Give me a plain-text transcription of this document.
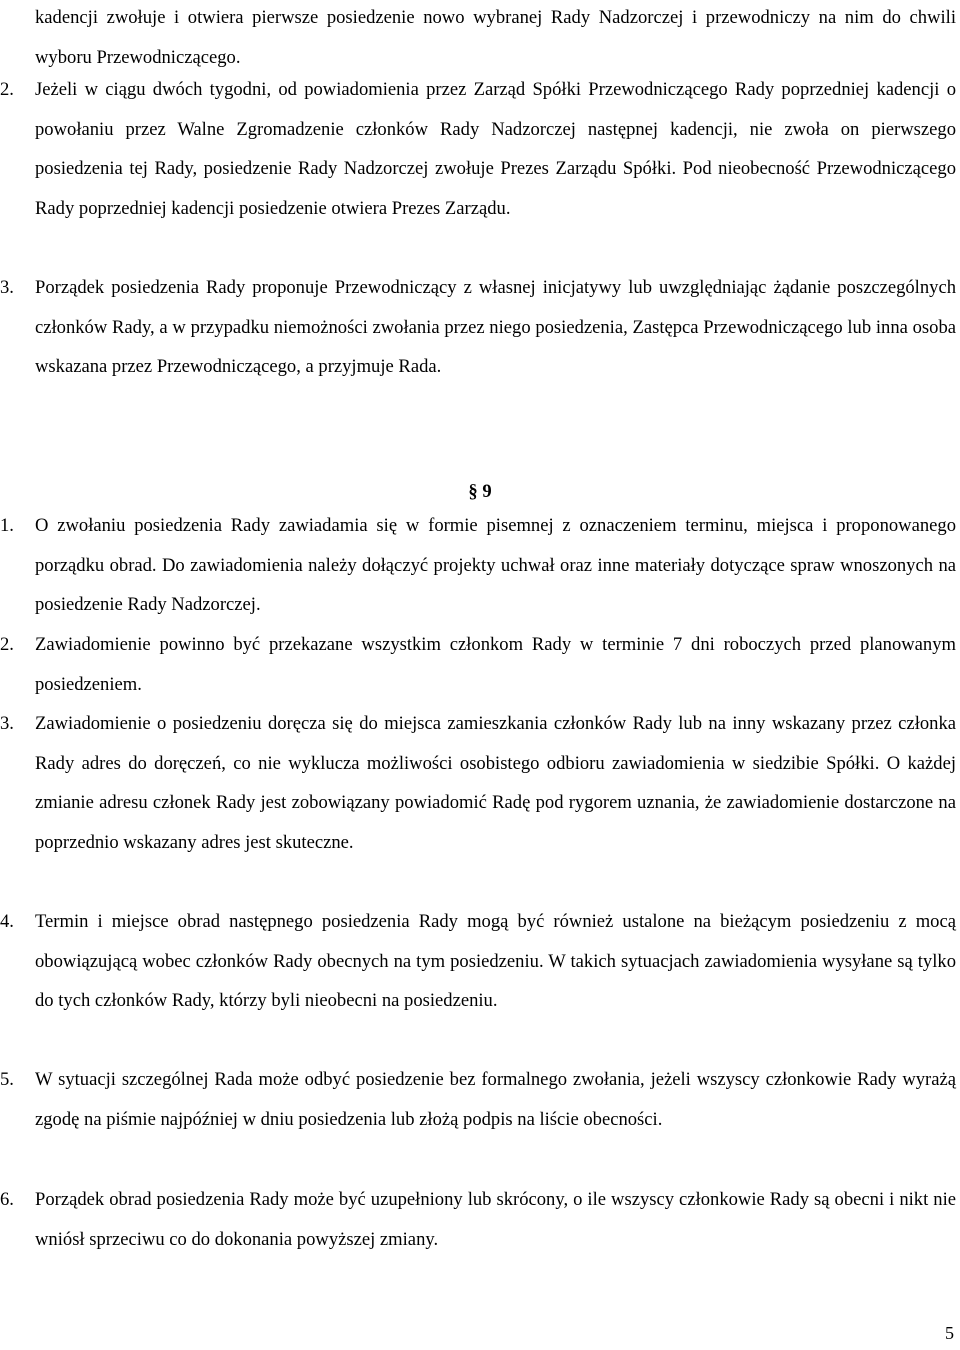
kadencji zwołuje i otwiera pierwsze posiedzenie nowo wybranej Rady Nadzorczej i przewodniczy na nim do chwili wyboru Przewodniczącego.

2. Jeżeli w ciągu dwóch tygodni, od powiadomienia przez Zarząd Spółki Przewodniczącego Rady poprzedniej kadencji o powołaniu przez Walne Zgromadzenie członków Rady Nadzorczej następnej kadencji, nie zwoła on pierwszego posiedzenia tej Rady, posiedzenie Rady Nadzorczej zwołuje Prezes Zarządu Spółki. Pod nieobecność Przewodniczącego Rady poprzedniej kadencji posiedzenie otwiera Prezes Zarządu.
3. Porządek posiedzenia Rady proponuje Przewodniczący z własnej inicjatywy lub uwzględniając żądanie poszczególnych członków Rady, a w przypadku niemożności zwołania przez niego posiedzenia, Zastępca Przewodniczącego lub inna osoba wskazana przez Przewodniczącego, a przyjmuje Rada.
§ 9
1. O zwołaniu posiedzenia Rady zawiadamia się w formie pisemnej z oznaczeniem terminu, miejsca i proponowanego porządku obrad. Do zawiadomienia należy dołączyć projekty uchwał oraz inne materiały dotyczące spraw wnoszonych na posiedzenie Rady Nadzorczej.
2. Zawiadomienie powinno być przekazane wszystkim członkom Rady w terminie 7 dni roboczych przed planowanym posiedzeniem.
3. Zawiadomienie o posiedzeniu doręcza się do miejsca zamieszkania członków Rady lub na inny wskazany przez członka Rady adres do doręczeń, co nie wyklucza możliwości osobistego odbioru zawiadomienia w siedzibie Spółki. O każdej zmianie adresu członek Rady jest zobowiązany powiadomić Radę pod rygorem uznania, że zawiadomienie dostarczone na poprzednio wskazany adres jest skuteczne.
4. Termin i miejsce obrad następnego posiedzenia Rady mogą być również ustalone na bieżącym posiedzeniu z mocą obowiązującą wobec członków Rady obecnych na tym posiedzeniu. W takich sytuacjach zawiadomienia wysyłane są tylko do tych członków Rady, którzy byli nieobecni na posiedzeniu.
5. W sytuacji szczególnej Rada może odbyć posiedzenie bez formalnego zwołania, jeżeli wszyscy członkowie Rady wyrażą zgodę na piśmie najpóźniej w dniu posiedzenia lub złożą podpis na liście obecności.
6. Porządek obrad posiedzenia Rady może być uzupełniony lub skrócony, o ile wszyscy członkowie Rady są obecni i nikt nie wniósł sprzeciwu co do dokonania powyższej zmiany.
5
